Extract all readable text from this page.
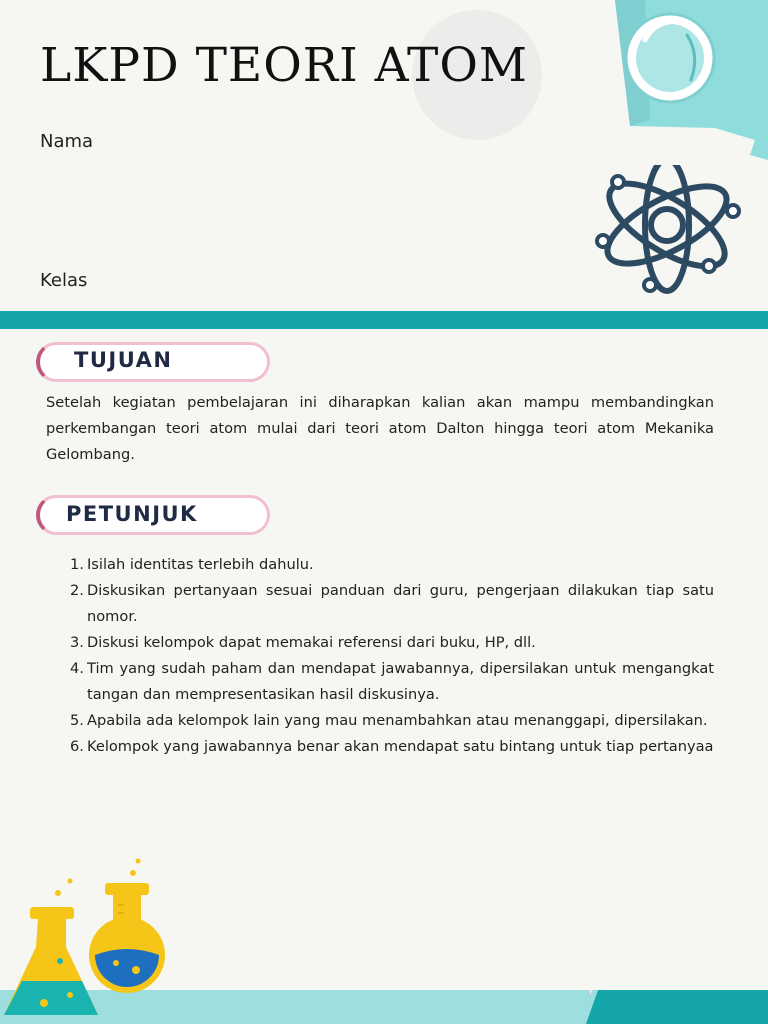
LKPD TEORI ATOM
Nama
Kelas
TUJUAN

Setelah kegiatan pembelajaran ini diharapkan kalian akan mampu membandingkan perkembangan teori atom mulai dari teori atom Dalton hingga teori atom Mekanika Gelombang.

PETUNJUK
1. Isilah identitas terlebih dahulu.
2. Diskusikan pertanyaan sesuai panduan dari guru, pengerjaan dilakukan tiap satu nomor.
3. Diskusi kelompok dapat memakai referensi dari buku, HP, dll.
4. Tim yang sudah paham dan mendapat jawabannya, dipersilakan untuk mengangkat tangan dan mempresentasikan hasil diskusinya.
5. Apabila ada kelompok lain yang mau menambahkan atau menanggapi, dipersilakan.
6. Kelompok yang jawabannya benar akan mendapat satu bintang untuk tiap pertanyaa
